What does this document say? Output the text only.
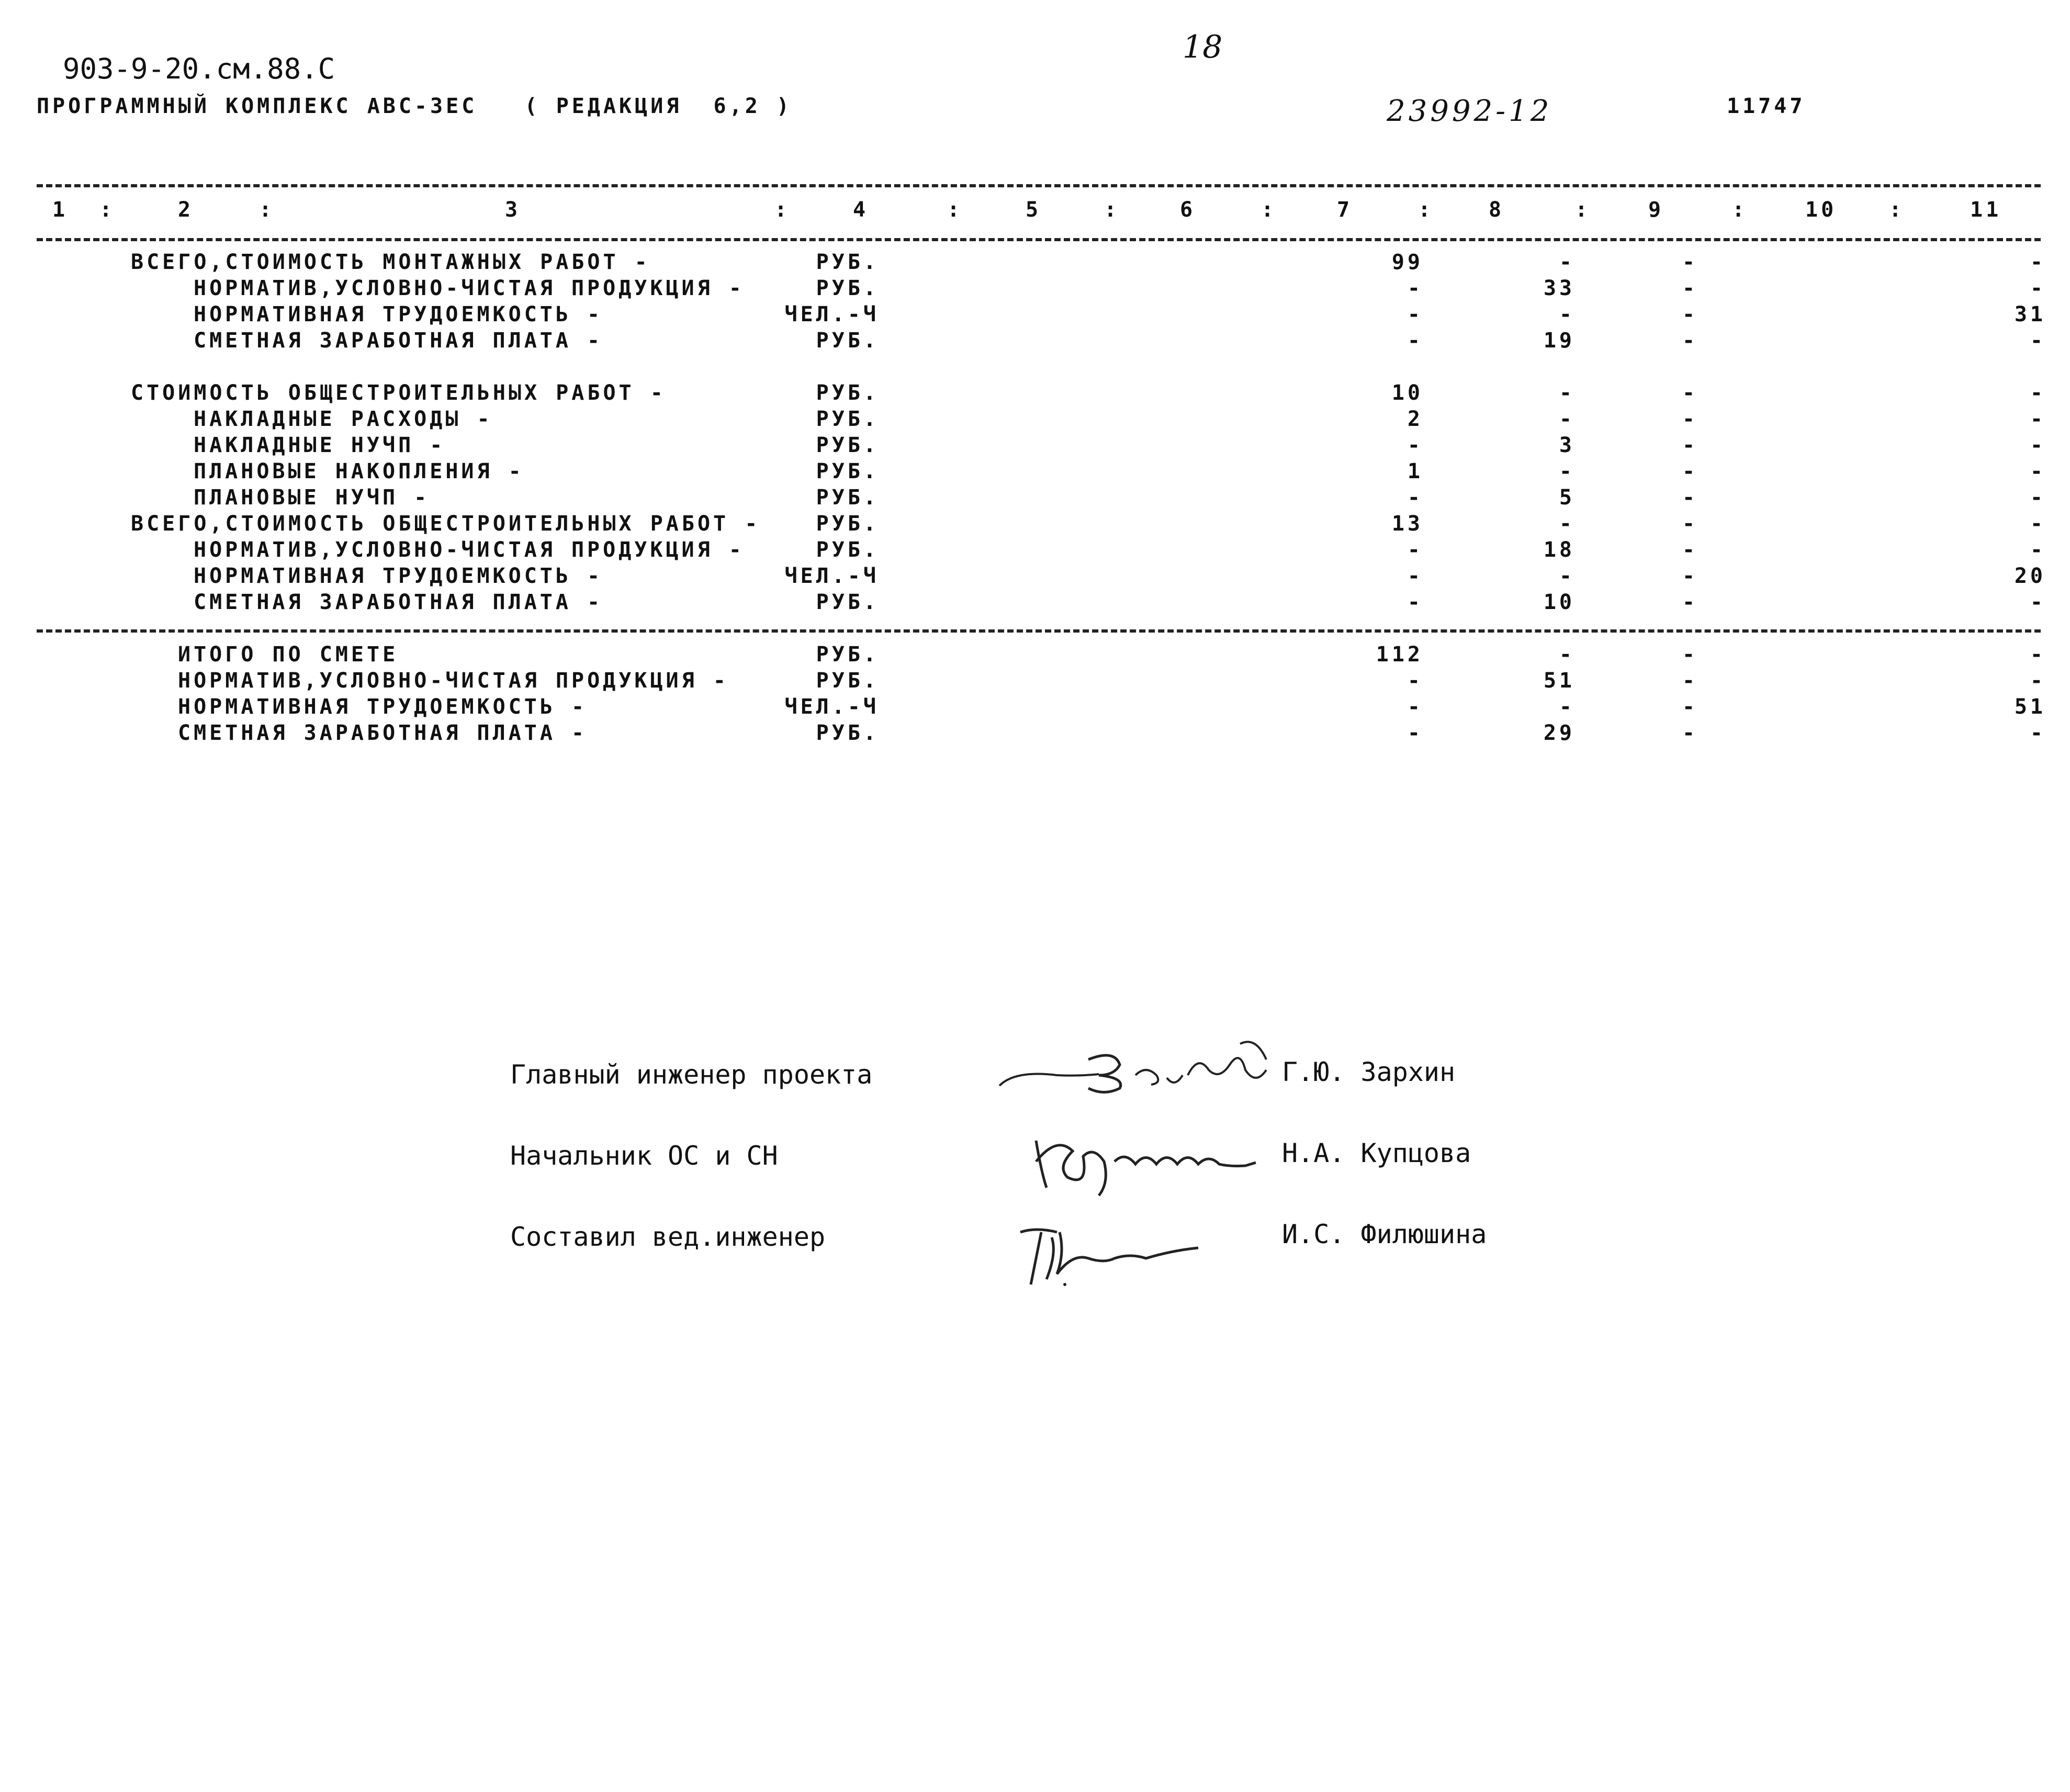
903-9-20.см.88.С
ПРОГРАММНЫЙ КОМПЛЕКС АВС-ЗЕС   ( РЕДАКЦИЯ  6,2 )
18
23992-12	11747
1 :	2	:	3	:	4	:	5	:	6	:	7	:	8	:	9	:	10 :	11
ВСЕГО,СТОИМОСТЬ МОНТАЖНЫХ РАБОТ -	РУБ.	99	-	-	-
НОРМАТИВ,УСЛОВНО-ЧИСТАЯ ПРОДУКЦИЯ -	РУБ.	-	33	-	-
НОРМАТИВНАЯ ТРУДОЕМКОСТЬ -	ЧЕЛ.-Ч	-	-	-	31
СМЕТНАЯ ЗАРАБОТНАЯ ПЛАТА -	РУБ.	-	19	-	-
СТОИМОСТЬ ОБЩЕСТРОИТЕЛЬНЫХ РАБОТ -	РУБ.	10	-	-	-
НАКЛАДНЫЕ РАСХОДЫ -	РУБ.	2	-	-	-
НАКЛАДНЫЕ НУЧП -	РУБ.	-	3	-	-
ПЛАНОВЫЕ НАКОПЛЕНИЯ -	РУБ.	1	-	-	-
ПЛАНОВЫЕ НУЧП -	РУБ.	-	5	-	-
ВСЕГО,СТОИМОСТЬ ОБЩЕСТРОИТЕЛЬНЫХ РАБОТ -	РУБ.	13	-	-	-
НОРМАТИВ,УСЛОВНО-ЧИСТАЯ ПРОДУКЦИЯ -	РУБ.	-	18	-	-
НОРМАТИВНАЯ ТРУДОЕМКОСТЬ -	ЧЕЛ.-Ч	-	-	-	20
СМЕТНАЯ ЗАРАБОТНАЯ ПЛАТА -	РУБ.	-	10	-	-
ИТОГО ПО СМЕТЕ	РУБ.	112	-	-	-
НОРМАТИВ,УСЛОВНО-ЧИСТАЯ ПРОДУКЦИЯ -	РУБ.	-	51	-	-
НОРМАТИВНАЯ ТРУДОЕМКОСТЬ -	ЧЕЛ.-Ч	-	-	-	51
СМЕТНАЯ ЗАРАБОТНАЯ ПЛАТА -	РУБ.	-	29	-	-
Главный инженер проекта	Г.Ю. Зархин
Начальник ОС и СН	Н.А. Купцова
Составил вед.инженер	И.С. Филюшина
